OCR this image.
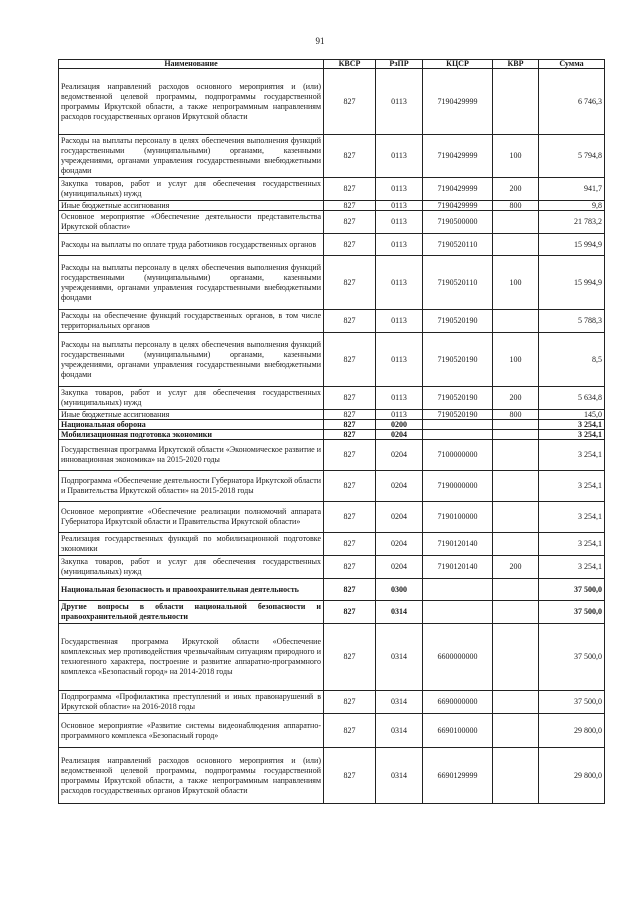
91
Наименование	КВСР	РзПР	КЦСР	КВР	Сумма
Реализация направлений расходов основного мероприятия и (или) ведомственной целевой программы, подпрограммы государственной программы Иркутской области, а также непрограммным направлениям расходов государственных органов Иркутской области	827	0113	7190429999		6 746,3
Расходы на выплаты персоналу в целях обеспечения выполнения функций государственными (муниципальными) органами, казенными учреждениями, органами управления государственными внебюджетными фондами	827	0113	7190429999	100	5 794,8
Закупка товаров, работ и услуг для обеспечения государственных (муниципальных) нужд	827	0113	7190429999	200	941,7
Иные бюджетные ассигнования	827	0113	7190429999	800	9,8
Основное мероприятие «Обеспечение деятельности представительства Иркутской области»	827	0113	7190500000		21 783,2
Расходы на выплаты по оплате труда работников государственных органов	827	0113	7190520110		15 994,9
Расходы на выплаты персоналу в целях обеспечения выполнения функций государственными (муниципальными) органами, казенными учреждениями, органами управления государственными внебюджетными фондами	827	0113	7190520110	100	15 994,9
Расходы на обеспечение функций государственных органов, в том числе территориальных органов	827	0113	7190520190		5 788,3
Расходы на выплаты персоналу в целях обеспечения выполнения функций государственными (муниципальными) органами, казенными учреждениями, органами управления государственными внебюджетными фондами	827	0113	7190520190	100	8,5
Закупка товаров, работ и услуг для обеспечения государственных (муниципальных) нужд	827	0113	7190520190	200	5 634,8
Иные бюджетные ассигнования	827	0113	7190520190	800	145,0
Национальная оборона	827	0200			3 254,1
Мобилизационная подготовка экономики	827	0204			3 254,1
Государственная программа Иркутской области «Экономическое развитие и инновационная экономика» на 2015-2020 годы	827	0204	7100000000		3 254,1
Подпрограмма «Обеспечение деятельности Губернатора Иркутской области и Правительства Иркутской области» на 2015-2018 годы	827	0204	7190000000		3 254,1
Основное мероприятие «Обеспечение реализации полномочий аппарата Губернатора Иркутской области и Правительства Иркутской области»	827	0204	7190100000		3 254,1
Реализация государственных функций по мобилизационной подготовке экономики	827	0204	7190120140		3 254,1
Закупка товаров, работ и услуг для обеспечения государственных (муниципальных) нужд	827	0204	7190120140	200	3 254,1
Национальная безопасность и правоохранительная деятельность	827	0300			37 500,0
Другие вопросы в области национальной безопасности и правоохранительной деятельности	827	0314			37 500,0
Государственная программа Иркутской области «Обеспечение комплексных мер противодействия чрезвычайным ситуациям природного и техногенного характера, построение и развитие аппаратно-программного комплекса «Безопасный город» на 2014-2018 годы	827	0314	6600000000		37 500,0
Подпрограмма «Профилактика преступлений и иных правонарушений в Иркутской области» на 2016-2018 годы	827	0314	6690000000		37 500,0
Основное мероприятие «Развитие системы видеонаблюдения аппаратно-программного комплекса «Безопасный город»	827	0314	6690100000		29 800,0
Реализация направлений расходов основного мероприятия и (или) ведомственной целевой программы, подпрограммы государственной программы Иркутской области, а также непрограммным направлениям расходов государственных органов Иркутской области	827	0314	6690129999		29 800,0
